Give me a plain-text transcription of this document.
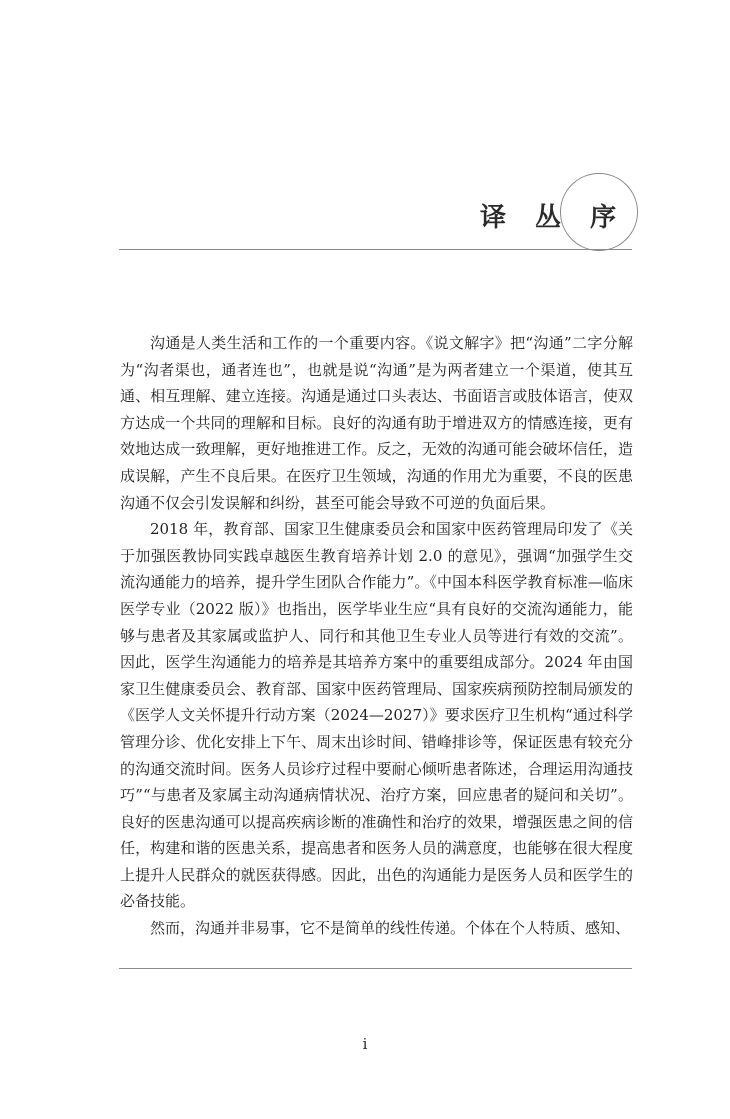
译 丛 序

沟通是人类生活和工作的一个重要内容。《说文解字》把“沟通”二字分解为“沟者渠也，通者连也”，也就是说“沟通”是为两者建立一个渠道，使其互通、相互理解、建立连接。沟通是通过口头表达、书面语言或肢体语言，使双方达成一个共同的理解和目标。良好的沟通有助于增进双方的情感连接，更有效地达成一致理解，更好地推进工作。反之，无效的沟通可能会破坏信任，造成误解，产生不良后果。在医疗卫生领域，沟通的作用尤为重要，不良的医患沟通不仅会引发误解和纠纷，甚至可能会导致不可逆的负面后果。

2018 年，教育部、国家卫生健康委员会和国家中医药管理局印发了《关于加强医教协同实践卓越医生教育培养计划 2.0 的意见》，强调“加强学生交流沟通能力的培养，提升学生团队合作能力”。《中国本科医学教育标准—临床医学专业（2022 版）》也指出，医学毕业生应“具有良好的交流沟通能力，能够与患者及其家属或监护人、同行和其他卫生专业人员等进行有效的交流”。因此，医学生沟通能力的培养是其培养方案中的重要组成部分。2024 年由国家卫生健康委员会、教育部、国家中医药管理局、国家疾病预防控制局颁发的《医学人文关怀提升行动方案（2024—2027）》要求医疗卫生机构“通过科学管理分诊、优化安排上下午、周末出诊时间、错峰排诊等，保证医患有较充分的沟通交流时间。医务人员诊疗过程中要耐心倾听患者陈述，合理运用沟通技巧”“与患者及家属主动沟通病情状况、治疗方案，回应患者的疑问和关切”。良好的医患沟通可以提高疾病诊断的准确性和治疗的效果，增强医患之间的信任，构建和谐的医患关系，提高患者和医务人员的满意度，也能够在很大程度上提升人民群众的就医获得感。因此，出色的沟通能力是医务人员和医学生的必备技能。

然而，沟通并非易事，它不是简单的线性传递。个体在个人特质、感知、

i
